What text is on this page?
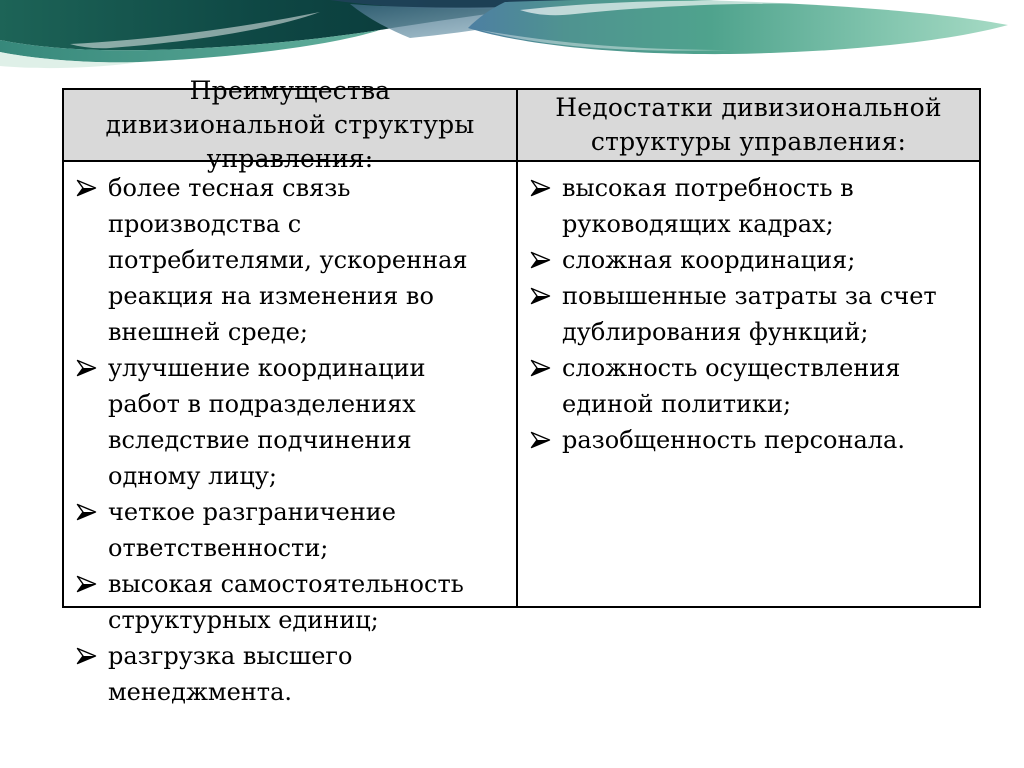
Преимущества дивизиональной структуры управления:
Недостатки дивизиональной структуры управления:
более тесная связь производства с потребителями, ускоренная реакция на изменения во внешней среде;
улучшение координации работ в подразделениях вследствие подчинения одному лицу;
четкое разграничение ответственности;
высокая самостоятельность структурных единиц;
разгрузка высшего менеджмента.
высокая потребность в руководящих кадрах;
сложная координация;
повышенные затраты за счет дублирования функций;
сложность осуществления единой политики;
разобщенность персонала.
